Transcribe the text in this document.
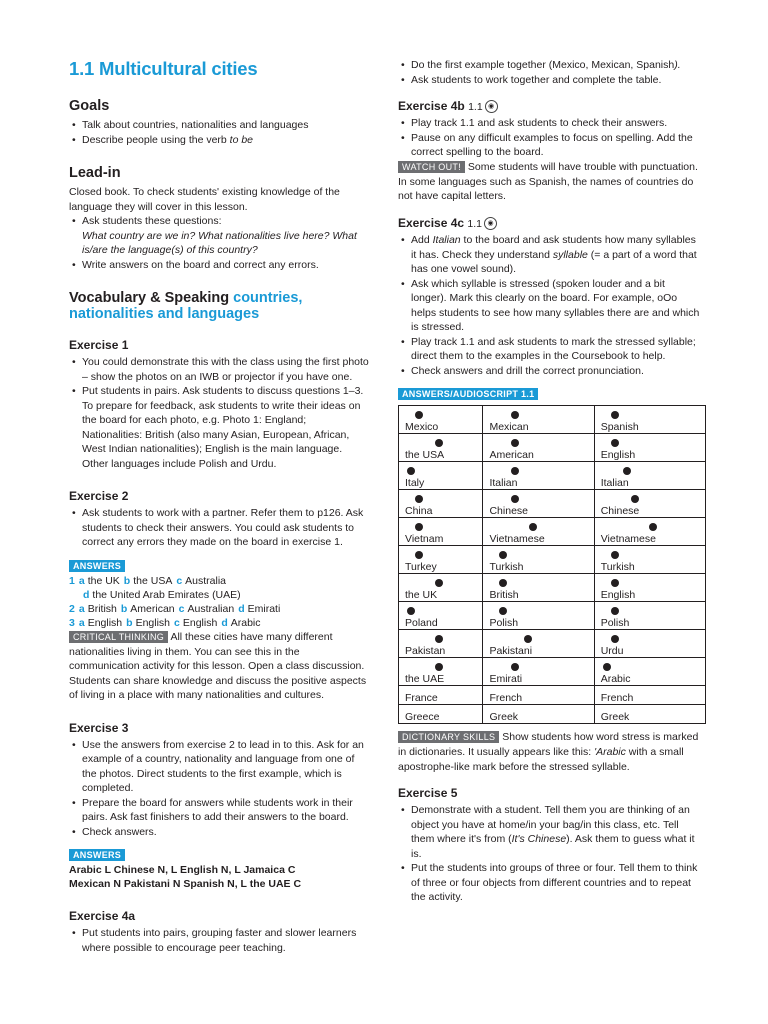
1.1 Multicultural cities
Goals
• Talk about countries, nationalities and languages
• Describe people using the verb to be
Lead-in

Closed book. To check students' existing knowledge of the language they will cover in this lesson.

• Ask students these questions:
What country are we in? What nationalities live here? What is/are the language(s) of this country?
• Write answers on the board and correct any errors.
Vocabulary & Speaking countries, nationalities and languages
Exercise 1
• You could demonstrate this with the class using the first photo – show the photos on an IWB or projector if you have one.
• Put students in pairs. Ask students to discuss questions 1–3. To prepare for feedback, ask students to write their ideas on the board for each photo, e.g. Photo 1: England; Nationalities: British (also many Asian, European, African, West Indian nationalities); English is the main language. Other languages include Polish and Urdu.
Exercise 2
• Ask students to work with a partner. Refer them to p126. Ask students to check their answers. You could ask students to correct any errors they made on the board in exercise 1.
ANSWERS
1 a the UK b the USA c Australia
d the United Arab Emirates (UAE)
2 a British b American c Australian d Emirati
3 a English b English c English d Arabic

CRITICAL THINKING All these cities have many different nationalities living in them. You can see this in the communication activity for this lesson. Open a class discussion. Students can share knowledge and discuss the positive aspects of living in a place with many nationalities and cultures.

Exercise 3
• Use the answers from exercise 2 to lead in to this. Ask for an example of a country, nationality and language from one of the photos. Direct students to the first example, which is completed.
• Prepare the board for answers while students work in their pairs. Ask fast finishers to add their answers to the board.
• Check answers.
ANSWERS
Arabic L Chinese N, L English N, L Jamaica C
Mexican N Pakistani N Spanish N, L the UAE C
Exercise 4a
• Put students into pairs, grouping faster and slower learners where possible to encourage peer teaching.
• Do the first example together (Mexico, Mexican, Spanish).
• Ask students to work together and complete the table.
Exercise 4b 1.1 ◉
• Play track 1.1 and ask students to check their answers.
• Pause on any difficult examples to focus on spelling. Add the correct spelling to the board.

WATCH OUT! Some students will have trouble with punctuation. In some languages such as Spanish, the names of countries do not have capital letters.

Exercise 4c 1.1 ◉
• Add Italian to the board and ask students how many syllables it has. Check they understand syllable (= a part of a word that has one vowel sound).
• Ask which syllable is stressed (spoken louder and a bit longer). Mark this clearly on the board. For example, oOo helps students to see how many syllables there are and which is stressed.
• Play track 1.1 and ask students to mark the stressed syllable; direct them to the examples in the Coursebook to help.
• Check answers and drill the correct pronunciation.
ANSWERS/AUDIOSCRIPT 1.1
Mexico	Mexican	Spanish

the USA	American	English

Italy	Italian	Italian

China	Chinese	Chinese

Vietnam	Vietnamese	Vietnamese

Turkey	Turkish	Turkish

the UK	British	English

Poland	Polish	Polish

Pakistan	Pakistani	Urdu

the UAE	Emirati	Arabic

France	French	French
Greece	Greek	Greek

DICTIONARY SKILLS Show students how word stress is marked in dictionaries. It usually appears like this: 'Arabic with a small apostrophe-like mark before the stressed syllable.

Exercise 5
• Demonstrate with a student. Tell them you are thinking of an object you have at home/in your bag/in this class, etc. Tell them where it's from (It's Chinese). Ask them to guess what it is.
• Put the students into groups of three or four. Tell them to think of three or four objects from different countries and to repeat the activity.
